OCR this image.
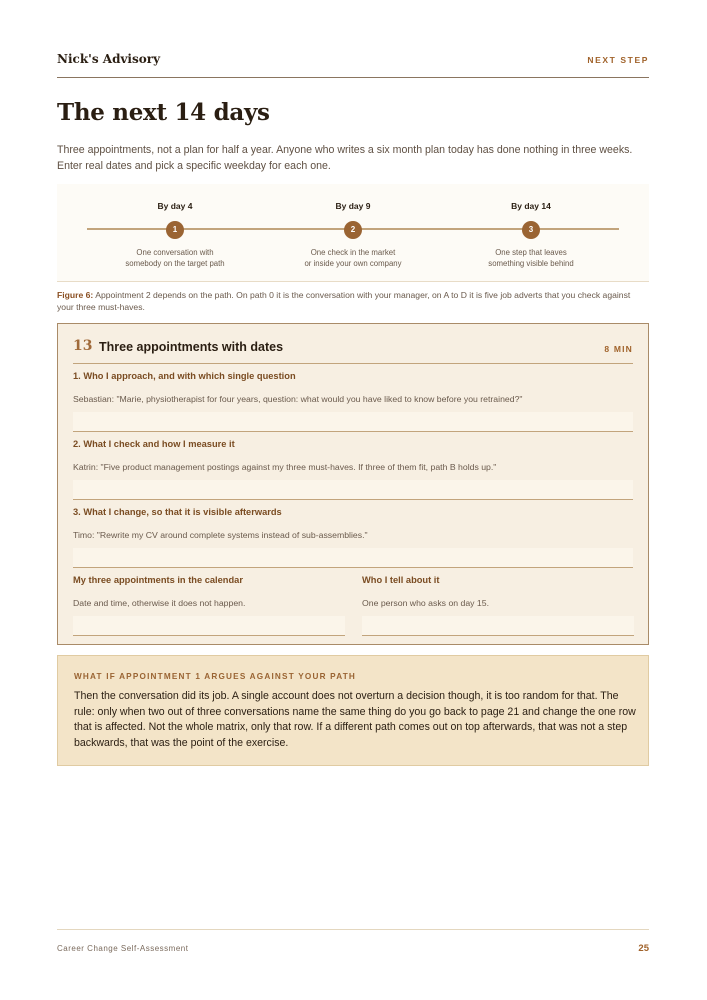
Nick's Advisory	NEXT STEP
The next 14 days

Three appointments, not a plan for half a year. Anyone who writes a six month plan today has done nothing in three weeks. Enter real dates and pick a specific weekday for each one.

By day 4
1
One conversation with
somebody on the target path
By day 9
2
One check in the market
or inside your own company
By day 14
3
One step that leaves
something visible behind

Figure 6: Appointment 2 depends on the path. On path 0 it is the conversation with your manager, on A to D it is five job adverts that you check against your three must-haves.

13 Three appointments with dates	8 MIN
1. Who I approach, and with which single question
Sebastian: "Marie, physiotherapist for four years, question: what would you have liked to know before you retrained?"
2. What I check and how I measure it
Katrin: "Five product management postings against my three must-haves. If three of them fit, path B holds up."
3. What I change, so that it is visible afterwards
Timo: "Rewrite my CV around complete systems instead of sub-assemblies."
My three appointments in the calendar
Date and time, otherwise it does not happen.
Who I tell about it
One person who asks on day 15.
WHAT IF APPOINTMENT 1 ARGUES AGAINST YOUR PATH

Then the conversation did its job. A single account does not overturn a decision though, it is too random for that. The rule: only when two out of three conversations name the same thing do you go back to page 21 and change the one row that is affected. Not the whole matrix, only that row. If a different path comes out on top afterwards, that was not a step backwards, that was the point of the exercise.

Career Change Self-Assessment	25
